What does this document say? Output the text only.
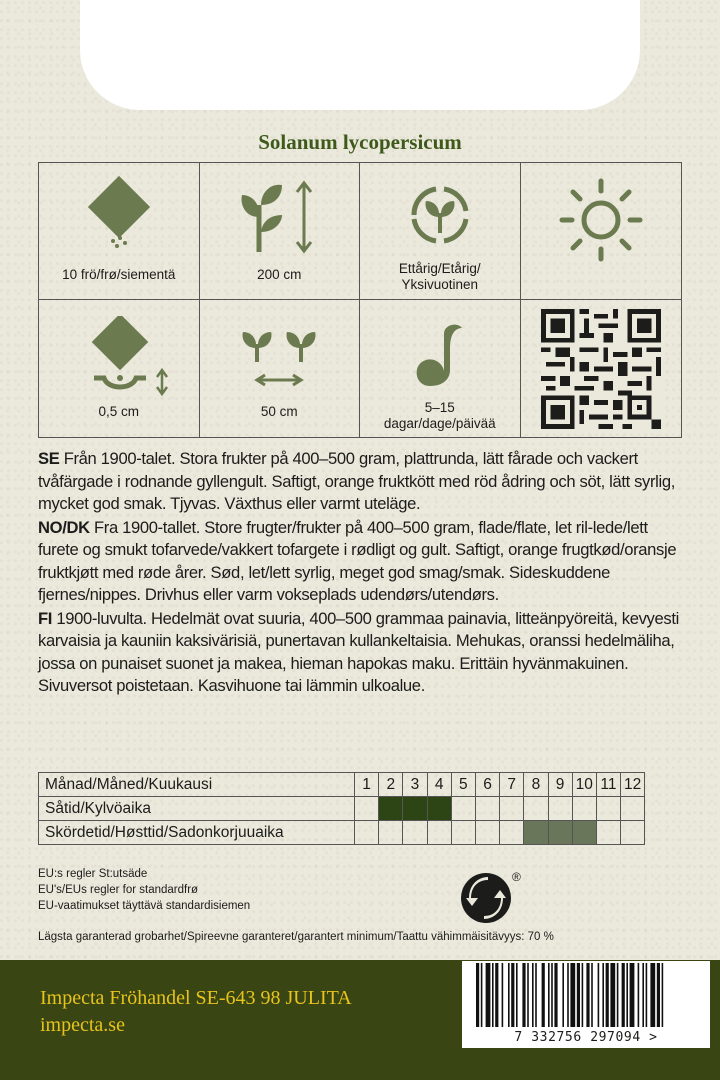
Solanum lycopersicum
10 frö/frø/siementä	200 cm	Ettårig/Etårig/
Yksivuotinen
0,5 cm	50 cm	5–15
dagar/dage/päivää

SE Från 1900-talet. Stora frukter på 400–500 gram, plattrunda, lätt fårade och vackert tvåfärgade i rodnande gyllengult. Saftigt, orange fruktkött med röd ådring och söt, lätt syrlig, mycket god smak. Tjyvas. Växthus eller varmt uteläge.

NO/DK Fra 1900-tallet. Store frugter/frukter på 400–500 gram, flade/flate, let ril-lede/lett furete og smukt tofarvede/vakkert tofargete i rødligt og gult. Saftigt, orange frugtkød/oransje fruktkjøtt med røde årer. Sød, let/lett syrlig, meget god smag/smak. Sideskuddene fjernes/nippes. Drivhus eller varm vokseplads udendørs/utendørs.

FI 1900-luvulta. Hedelmät ovat suuria, 400–500 grammaa painavia, litteänpyöreitä, kevyesti karvaisia ja kauniin kaksivärisiä, punertavan kullankeltaisia. Mehukas, oranssi hedelmäliha, jossa on punaiset suonet ja makea, hieman hapokas maku. Erittäin hyvänmakuinen. Sivuversot poistetaan. Kasvihuone tai lämmin ulkoalue.

Månad/Måned/Kuukausi	1	2	3	4	5	6	7	8	9	10	11	12
Såtid/Kylvöaika												
Skördetid/Høsttid/Sadonkorjuuaika												
EU:s regler St:utsäde
EU's/EUs regler for standardfrø
EU-vaatimukset täyttävä standardisiemen
®
Lägsta garanterad grobarhet/Spireevne garanteret/garantert minimum/Taattu vähimmäisitävyys: 70 %
Impecta Fröhandel SE-643 98 JULITA
impecta.se
7 332756 297094 >
